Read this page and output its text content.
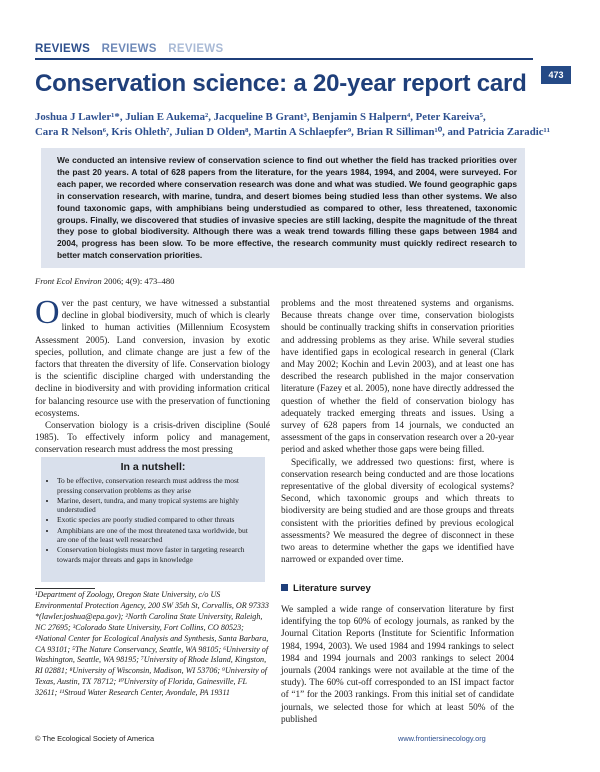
REVIEWS REVIEWS REVIEWS
473
Conservation science: a 20-year report card
Joshua J Lawler¹*, Julian E Aukema², Jacqueline B Grant³, Benjamin S Halpern⁴, Peter Kareiva⁵,
Cara R Nelson⁶, Kris Ohleth⁷, Julian D Olden⁸, Martin A Schlaepfer⁹, Brian R Silliman¹⁰, and Patricia Zaradic¹¹
We conducted an intensive review of conservation science to find out whether the field has tracked priorities over the past 20 years. A total of 628 papers from the literature, for the years 1984, 1994, and 2004, were surveyed. For each paper, we recorded where conservation research was done and what was studied. We found geographic gaps in conservation research, with marine, tundra, and desert biomes being studied less than other systems. We also found taxonomic gaps, with amphibians being understudied as compared to other, less threatened, taxonomic groups. Finally, we discovered that studies of invasive species are still lacking, despite the magnitude of the threat they pose to global biodiversity. Although there was a weak trend towards filling these gaps between 1984 and 2004, progress has been slow. To be more effective, the research community must quickly redirect research to better match conservation priorities.
Front Ecol Environ 2006; 4(9): 473–480

Over the past century, we have witnessed a substantial decline in global biodiversity, much of which is clearly linked to human activities (Millennium Ecosystem Assessment 2005). Land conversion, invasion by exotic species, pollution, and climate change are just a few of the factors that threaten the diversity of life. Conservation biology is the scientific discipline charged with understanding the decline in biodiversity and with providing information critical for balancing resource use with the preservation of functioning ecosystems.

Conservation biology is a crisis-driven discipline (Soulé 1985). To effectively inform policy and management, conservation research must address the most pressing

In a nutshell:
• To be effective, conservation research must address the most pressing conservation problems as they arise
• Marine, desert, tundra, and many tropical systems are highly understudied
• Exotic species are poorly studied compared to other threats
• Amphibians are one of the most threatened taxa worldwide, but are one of the least well researched
• Conservation biologists must move faster in targeting research towards major threats and gaps in knowledge
¹Department of Zoology, Oregon State University, c/o US Environmental Protection Agency, 200 SW 35th St, Corvallis, OR 97333 *(lawler.joshua@epa.gov); ²North Carolina State University, Raleigh, NC 27695; ³Colorado State University, Fort Collins, CO 80523; ⁴National Center for Ecological Analysis and Synthesis, Santa Barbara, CA 93101; ⁵The Nature Conservancy, Seattle, WA 98105; ⁶University of Washington, Seattle, WA 98195; ⁷University of Rhode Island, Kingston, RI 02881; ⁸University of Wisconsin, Madison, WI 53706; ⁹University of Texas, Austin, TX 78712; ¹⁰University of Florida, Gainesville, FL 32611; ¹¹Stroud Water Research Center, Avondale, PA 19311

problems and the most threatened systems and organisms. Because threats change over time, conservation biologists should be continually tracking shifts in conservation priorities and addressing problems as they arise. While several studies have identified gaps in ecological research in general (Clark and May 2002; Kochin and Levin 2003), and at least one has described the research published in the major conservation literature (Fazey et al. 2005), none have directly addressed the question of whether the field of conservation biology has adequately tracked emerging threats and issues. Using a survey of 628 papers from 14 journals, we conducted an assessment of the gaps in conservation research over a 20-year period and asked whether those gaps were being filled.

Specifically, we addressed two questions: first, where is conservation research being conducted and are those locations representative of the global diversity of ecological systems? Second, which taxonomic groups and which threats to biodiversity are being studied and are those groups and threats consistent with the priorities defined by previous ecological assessments? We measured the degree of disconnect in these two areas to determine whether the gaps we identified have narrowed or expanded over time.

Literature survey

We sampled a wide range of conservation literature by first identifying the top 60% of ecology journals, as ranked by the Journal Citation Reports (Institute for Scientific Information 1984, 1994, 2003). We used 1984 and 1994 rankings to select 1984 and 1994 journals and 2003 rankings to select 2004 journals (2004 rankings were not available at the time of the study). The 60% cut-off corresponded to an ISI impact factor of “1” for the 2003 rankings. From this initial set of candidate journals, we selected those for which at least 50% of the published

© The Ecological Society of America	www.frontiersinecology.org
